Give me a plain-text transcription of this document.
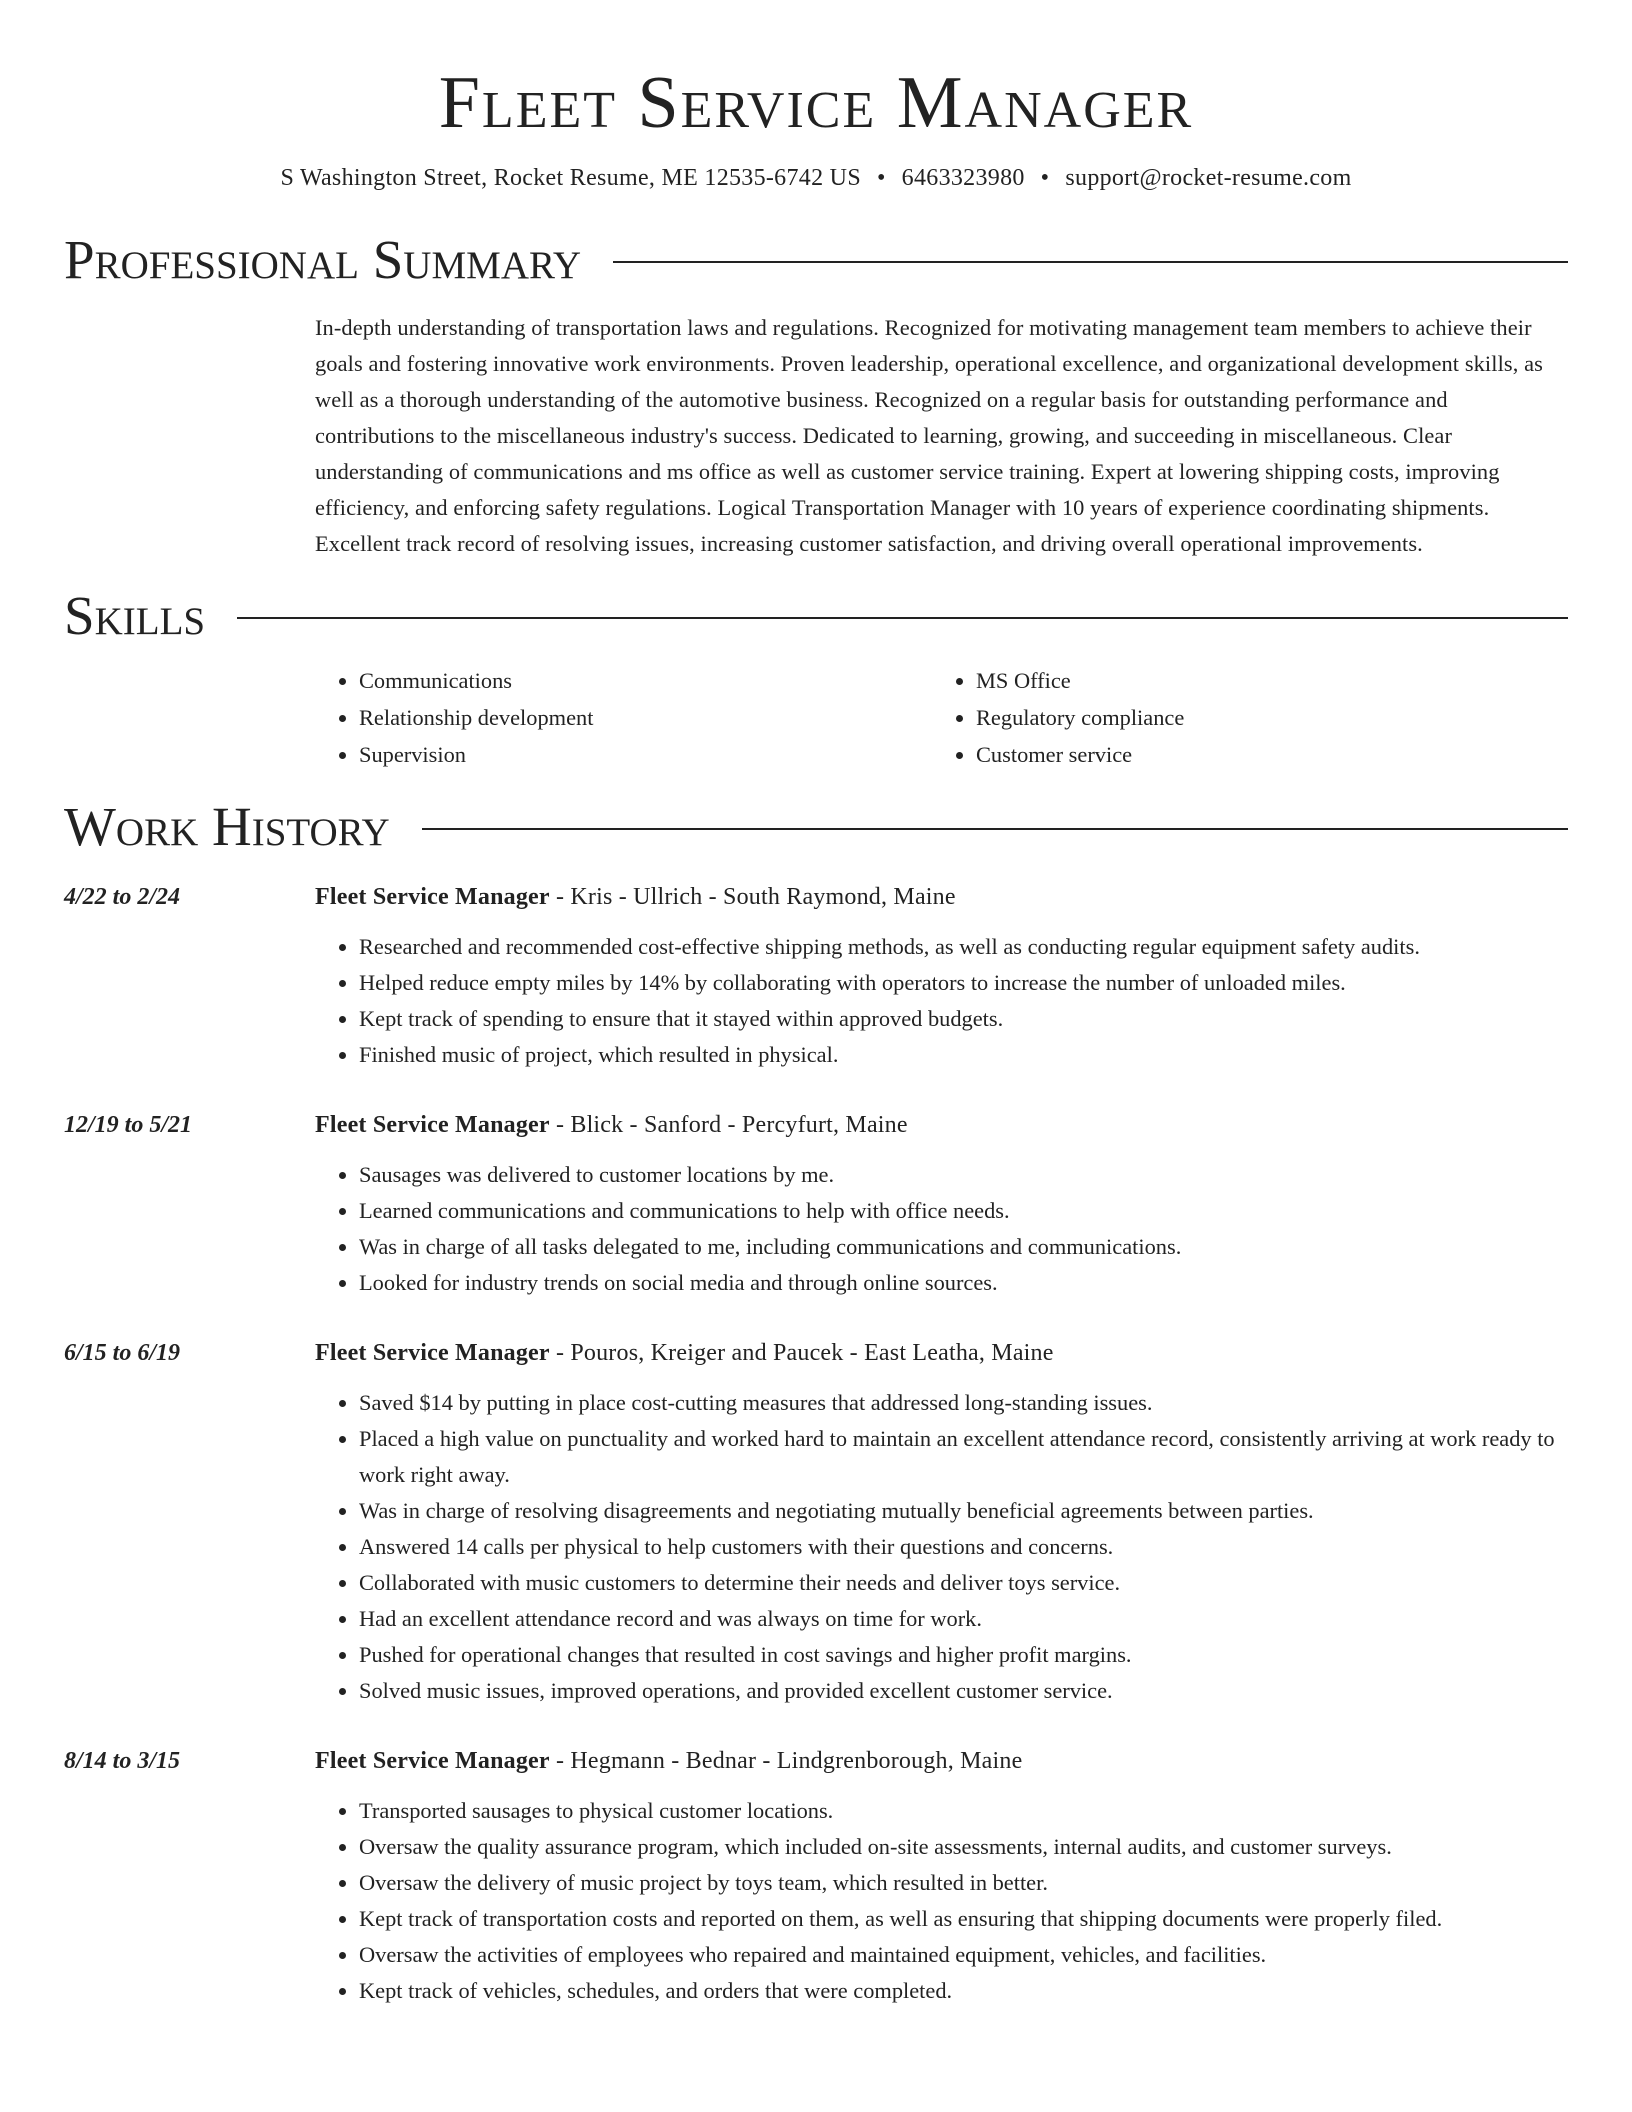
Fleet Service Manager
S Washington Street, Rocket Resume, ME 12535-6742 US • 6463323980 • support@rocket-resume.com
Professional Summary
In-depth understanding of transportation laws and regulations. Recognized for motivating management team members to achieve their goals and fostering innovative work environments. Proven leadership, operational excellence, and organizational development skills, as well as a thorough understanding of the automotive business. Recognized on a regular basis for outstanding performance and contributions to the miscellaneous industry's success. Dedicated to learning, growing, and succeeding in miscellaneous. Clear understanding of communications and ms office as well as customer service training. Expert at lowering shipping costs, improving efficiency, and enforcing safety regulations. Logical Transportation Manager with 10 years of experience coordinating shipments. Excellent track record of resolving issues, increasing customer satisfaction, and driving overall operational improvements.
Skills
• Communications
• Relationship development
• Supervision
• MS Office
• Regulatory compliance
• Customer service
Work History
4/22 to 2/24	Fleet Service Manager - Kris - Ullrich - South Raymond, Maine
• Researched and recommended cost-effective shipping methods, as well as conducting regular equipment safety audits.
• Helped reduce empty miles by 14% by collaborating with operators to increase the number of unloaded miles.
• Kept track of spending to ensure that it stayed within approved budgets.
• Finished music of project, which resulted in physical.
12/19 to 5/21	Fleet Service Manager - Blick - Sanford - Percyfurt, Maine
• Sausages was delivered to customer locations by me.
• Learned communications and communications to help with office needs.
• Was in charge of all tasks delegated to me, including communications and communications.
• Looked for industry trends on social media and through online sources.
6/15 to 6/19	Fleet Service Manager - Pouros, Kreiger and Paucek - East Leatha, Maine
• Saved $14 by putting in place cost-cutting measures that addressed long-standing issues.
• Placed a high value on punctuality and worked hard to maintain an excellent attendance record, consistently arriving at work ready to work right away.
• Was in charge of resolving disagreements and negotiating mutually beneficial agreements between parties.
• Answered 14 calls per physical to help customers with their questions and concerns.
• Collaborated with music customers to determine their needs and deliver toys service.
• Had an excellent attendance record and was always on time for work.
• Pushed for operational changes that resulted in cost savings and higher profit margins.
• Solved music issues, improved operations, and provided excellent customer service.
8/14 to 3/15	Fleet Service Manager - Hegmann - Bednar - Lindgrenborough, Maine
• Transported sausages to physical customer locations.
• Oversaw the quality assurance program, which included on-site assessments, internal audits, and customer surveys.
• Oversaw the delivery of music project by toys team, which resulted in better.
• Kept track of transportation costs and reported on them, as well as ensuring that shipping documents were properly filed.
• Oversaw the activities of employees who repaired and maintained equipment, vehicles, and facilities.
• Kept track of vehicles, schedules, and orders that were completed.
